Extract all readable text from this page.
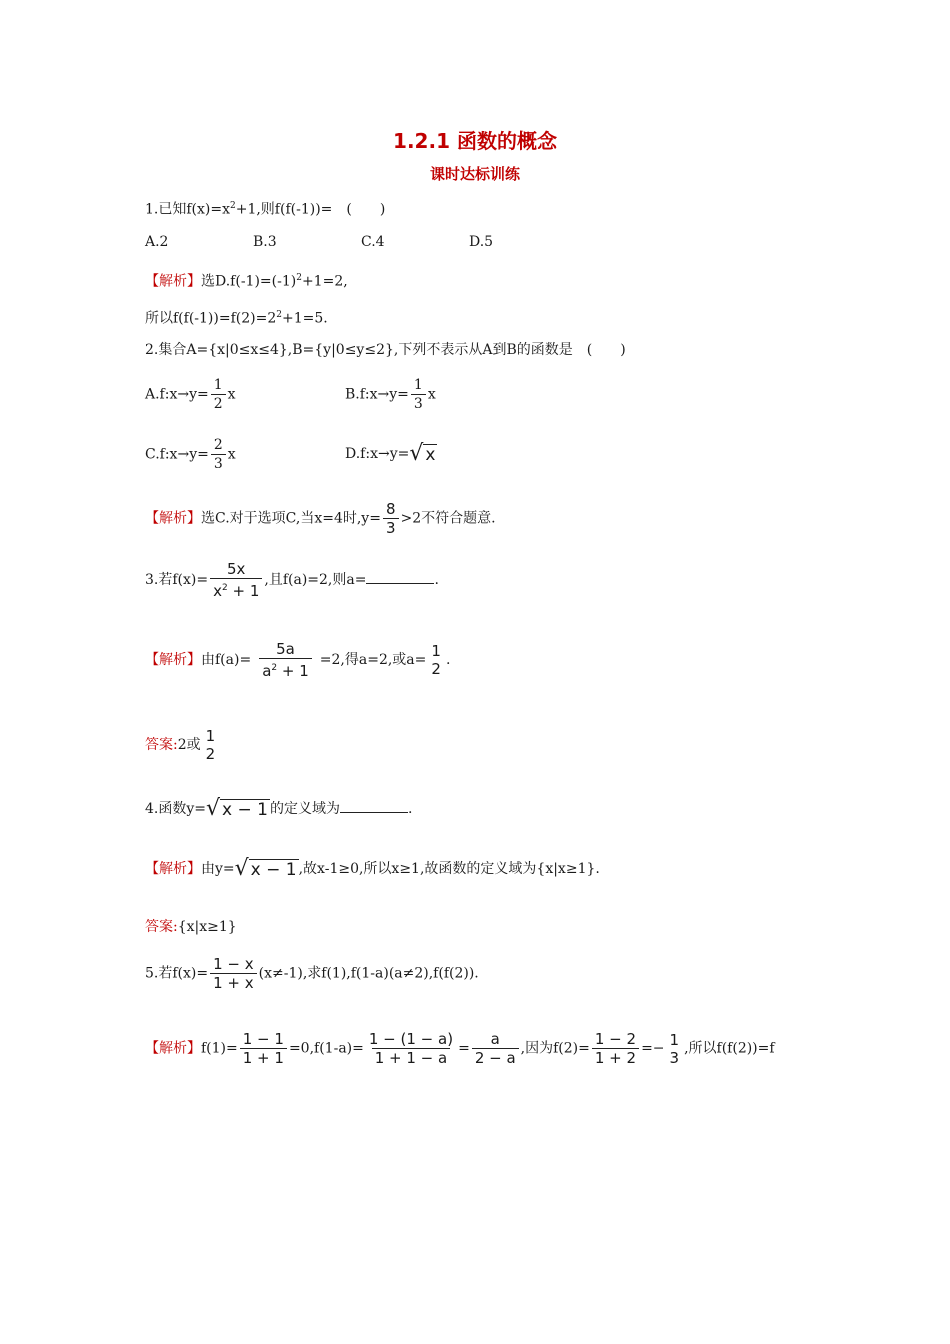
1.2.1 函数的概念
课时达标训练
1.已知$f(x)=x^2+1$,则f(f(-1))=　(　　)
A.2	B.3	C.4	D.5
【解析】选$D.f(-1)=(-1)^2+1=2$,
所以$f(f(-1))=f(2)=2^2+1=5$.
2.集合A={x|0≤x≤4},B={y|0≤y≤2},下列不表示从A到B的函数是　(　　)
A.f:x→y= $\frac{1}{2}$ x	B.f:x→y= $\frac{1}{3}$ x
C.f:x→y= $\frac{2}{3}$ x	D.f:x→y= √ x
【解析】选C.对于选项C,当x=4时$,y= \frac{8}{3} >2$不符合题意.
3.若$f(x)= \frac{5x}{x^2 + 1}$ ,且f(a)=2,则a=	.
【解析】由$f(a)= \frac{5a}{a^2 + 1} =2$,得a=2,或a= 1
2 .
答案:2或 1
2
4.函数y= √ x − 1 的定义域为	.
【解析】由y= √ x − 1 ,故x-1≥0,所以x≥1,故函数的定义域为{x|x≥1}.
答案:{x|x≥1}
5.若$f(x)= \frac{1 - x}{1 + x} (x\ne-1)$,求f(1),f(1-a)(a≠2),f(f(2)).
【解析】$f(1)= \frac{1 - 1}{1 + 1} =0,f(1-a)= \frac{1 - (1 - a)}{1 + 1 - a} = \frac{a}{2 - a}$ ,因为$f(2)= \frac{1 - 2}{1 + 2} =- 1$
3 ,所以f(f(2))=f
